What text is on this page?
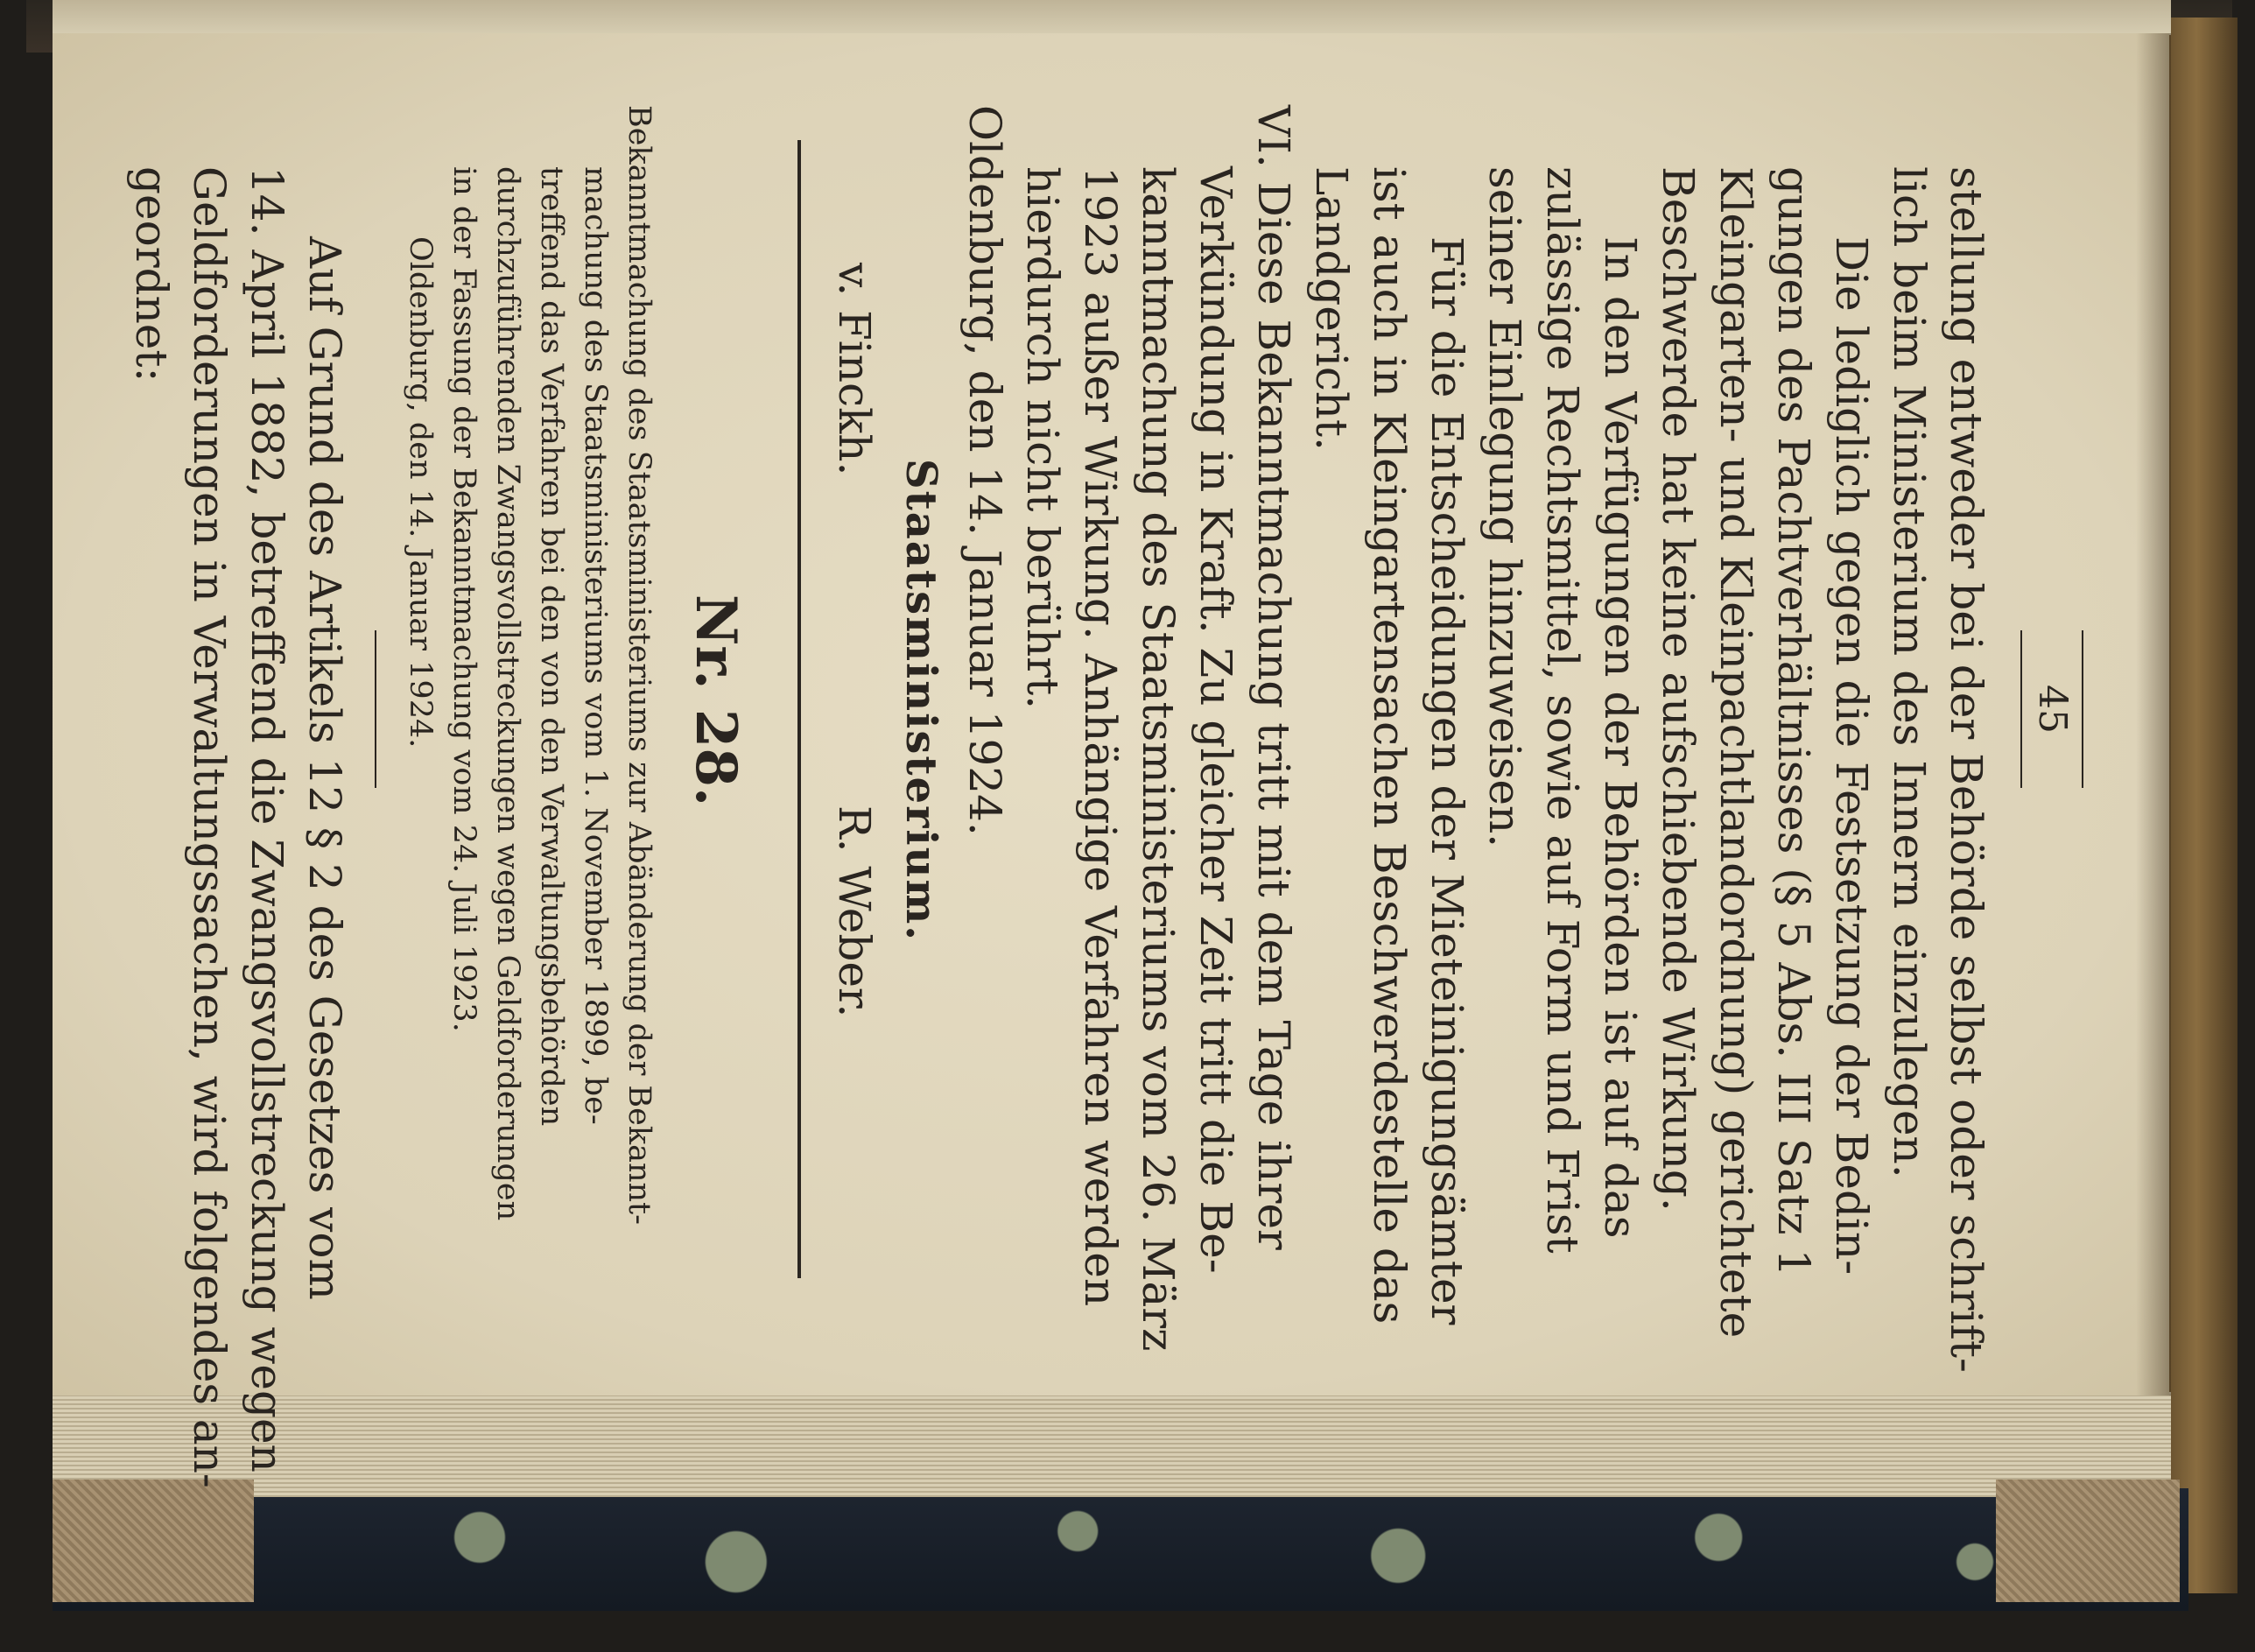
45
stellung entweder bei der Behörde selbst oder schrift-
lich beim Ministerium des Innern einzulegen.
Die lediglich gegen die Festsetzung der Bedin-
gungen des Pachtverhältnisses (§ 5 Abs. III Satz 1
Kleingarten- und Kleinpachtlandordnung) gerichtete
Beschwerde hat keine aufschiebende Wirkung.
In den Verfügungen der Behörden ist auf das
zulässige Rechtsmittel, sowie auf Form und Frist
seiner Einlegung hinzuweisen.
Für die Entscheidungen der Mieteinigungsämter
ist auch in Kleingartensachen Beschwerdestelle das
Landgericht.
VI. Diese Bekanntmachung tritt mit dem Tage ihrer
Verkündung in Kraft. Zu gleicher Zeit tritt die Be-
kanntmachung des Staatsministeriums vom 26. März
1923 außer Wirkung. Anhängige Verfahren werden
hierdurch nicht berührt.
Oldenburg, den 14. Januar 1924.
Staatsministerium.
v. Finckh.
R. Weber.
Nr. 28.
Bekanntmachung des Staatsministeriums zur Abänderung der Bekannt-
machung des Staatsministeriums vom 1. November 1899, be-
treffend das Verfahren bei den von den Verwaltungsbehörden
durchzuführenden Zwangsvollstreckungen wegen Geldforderungen
in der Fassung der Bekanntmachung vom 24. Juli 1923.
Oldenburg, den 14. Januar 1924.
Auf Grund des Artikels 12 § 2 des Gesetzes vom
14. April 1882, betreffend die Zwangsvollstreckung wegen
Geldforderungen in Verwaltungssachen, wird folgendes an-
geordnet:
